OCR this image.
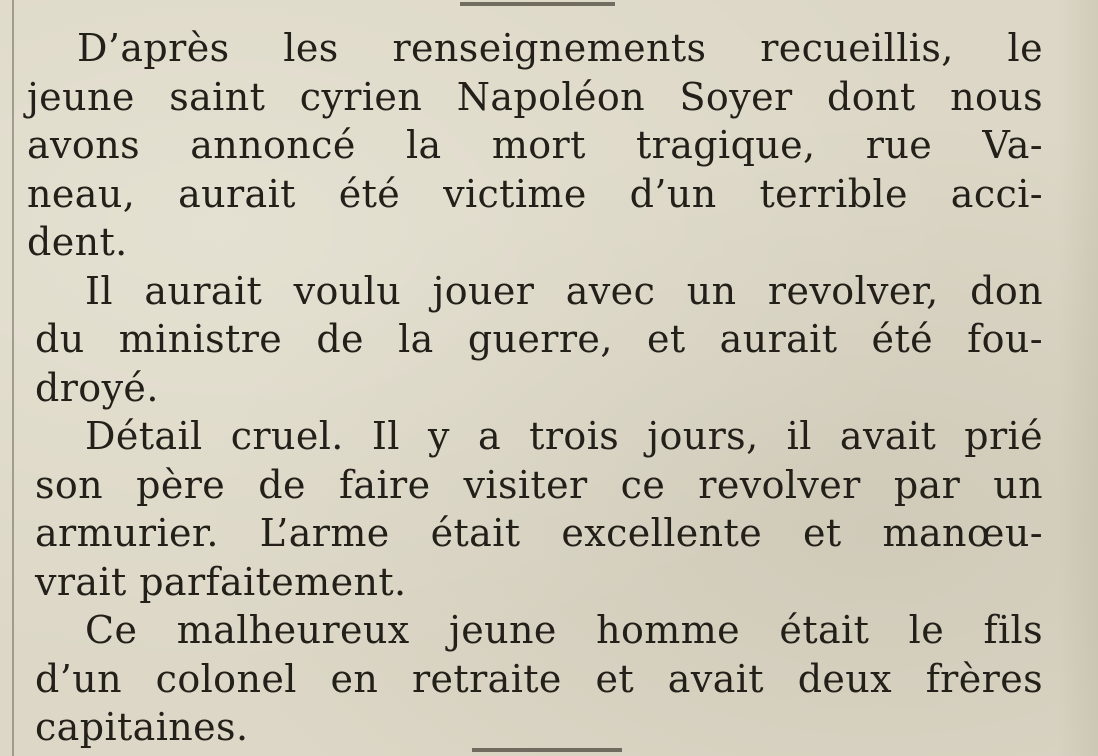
D’après les renseignements recueillis, le
jeune saint cyrien Napoléon Soyer dont nous
avons annoncé la mort tragique, rue Va-
neau, aurait été victime d’un terrible acci-
dent.

Il aurait voulu jouer avec un revolver, don
du ministre de la guerre, et aurait été fou-
droyé.

Détail cruel. Il y a trois jours, il avait prié
son père de faire visiter ce revolver par un
armurier. L’arme était excellente et manœu-
vrait parfaitement.

Ce malheureux jeune homme était le fils
d’un colonel en retraite et avait deux frères
capitaines.
